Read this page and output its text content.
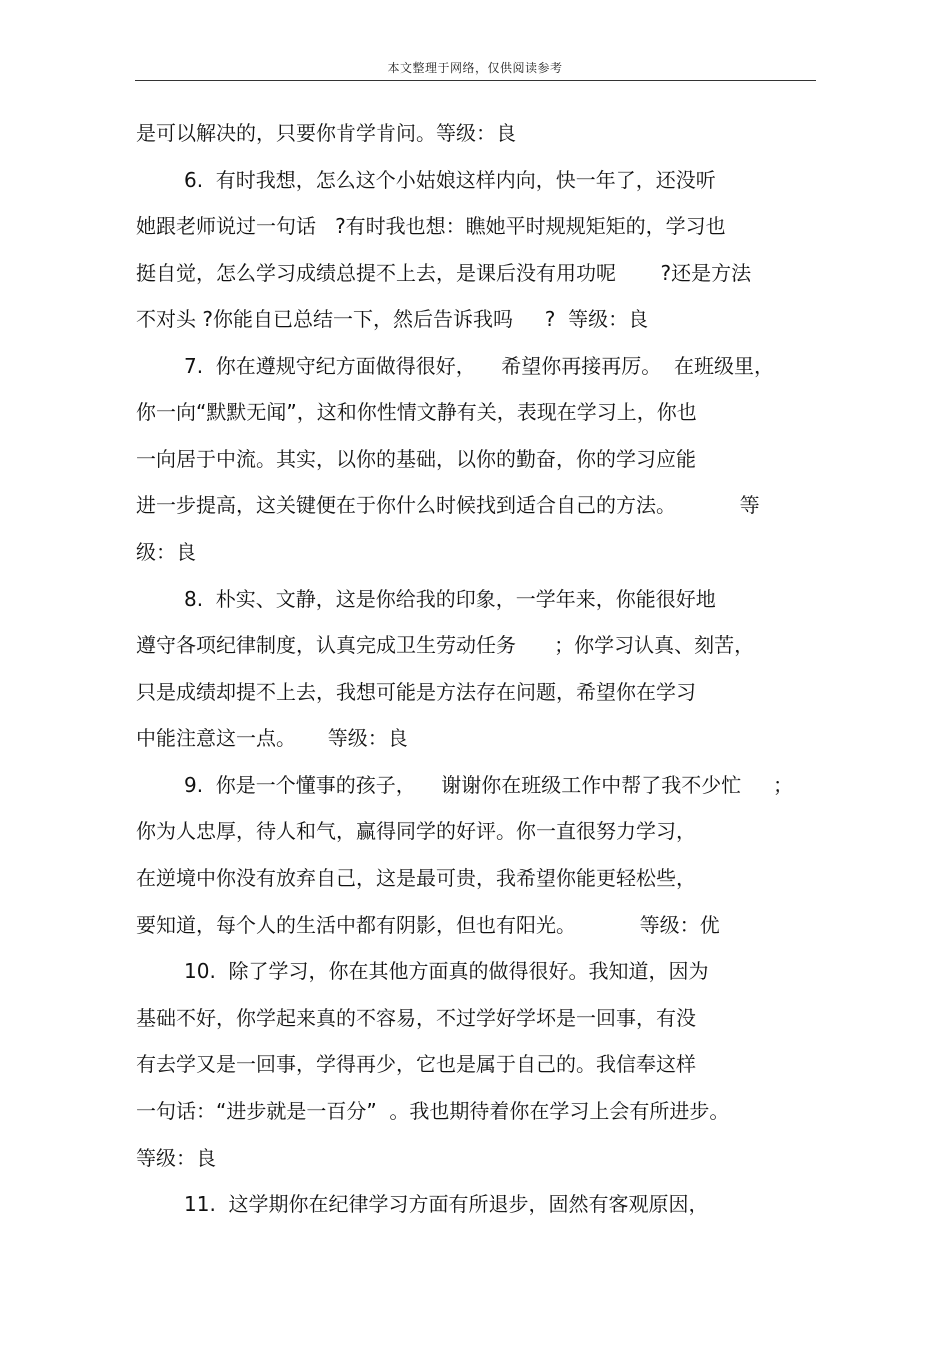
本文整理于网络，仅供阅读参考
是可以解决的，只要你肯学肯问。等级：良
6.  有时我想，怎么这个小姑娘这样内向，快一年了，还没听
她跟老师说过一句话   ?有时我也想：瞧她平时规规矩矩的，学习也
挺自觉，怎么学习成绩总提不上去，是课后没有用功呢       ?还是方法
不对头 ?你能自已总结一下，然后告诉我吗     ?  等级：良
7.  你在遵规守纪方面做得很好，    希望你再接再厉。  在班级里，
你一向“默默无闻”，这和你性情文静有关，表现在学习上，你也
一向居于中流。其实，以你的基础，以你的勤奋，你的学习应能
进一步提高，这关键便在于你什么时候找到适合自己的方法。          等
级：良
8.  朴实、文静，这是你给我的印象，一学年来，你能很好地
遵守各项纪律制度，认真完成卫生劳动任务      ；你学习认真、刻苦，
只是成绩却提不上去，我想可能是方法存在问题，希望你在学习
中能注意这一点。     等级：良
9.  你是一个懂事的孩子，    谢谢你在班级工作中帮了我不少忙     ；
你为人忠厚，待人和气，赢得同学的好评。你一直很努力学习，
在逆境中你没有放弃自己，这是最可贵，我希望你能更轻松些，
要知道，每个人的生活中都有阴影，但也有阳光。          等级：优
10.  除了学习，你在其他方面真的做得很好。我知道，因为
基础不好，你学起来真的不容易，不过学好学坏是一回事，有没
有去学又是一回事，学得再少，它也是属于自己的。我信奉这样
一句话：“进步就是一百分”  。我也期待着你在学习上会有所进步。
等级：良
11.  这学期你在纪律学习方面有所退步，固然有客观原因，
